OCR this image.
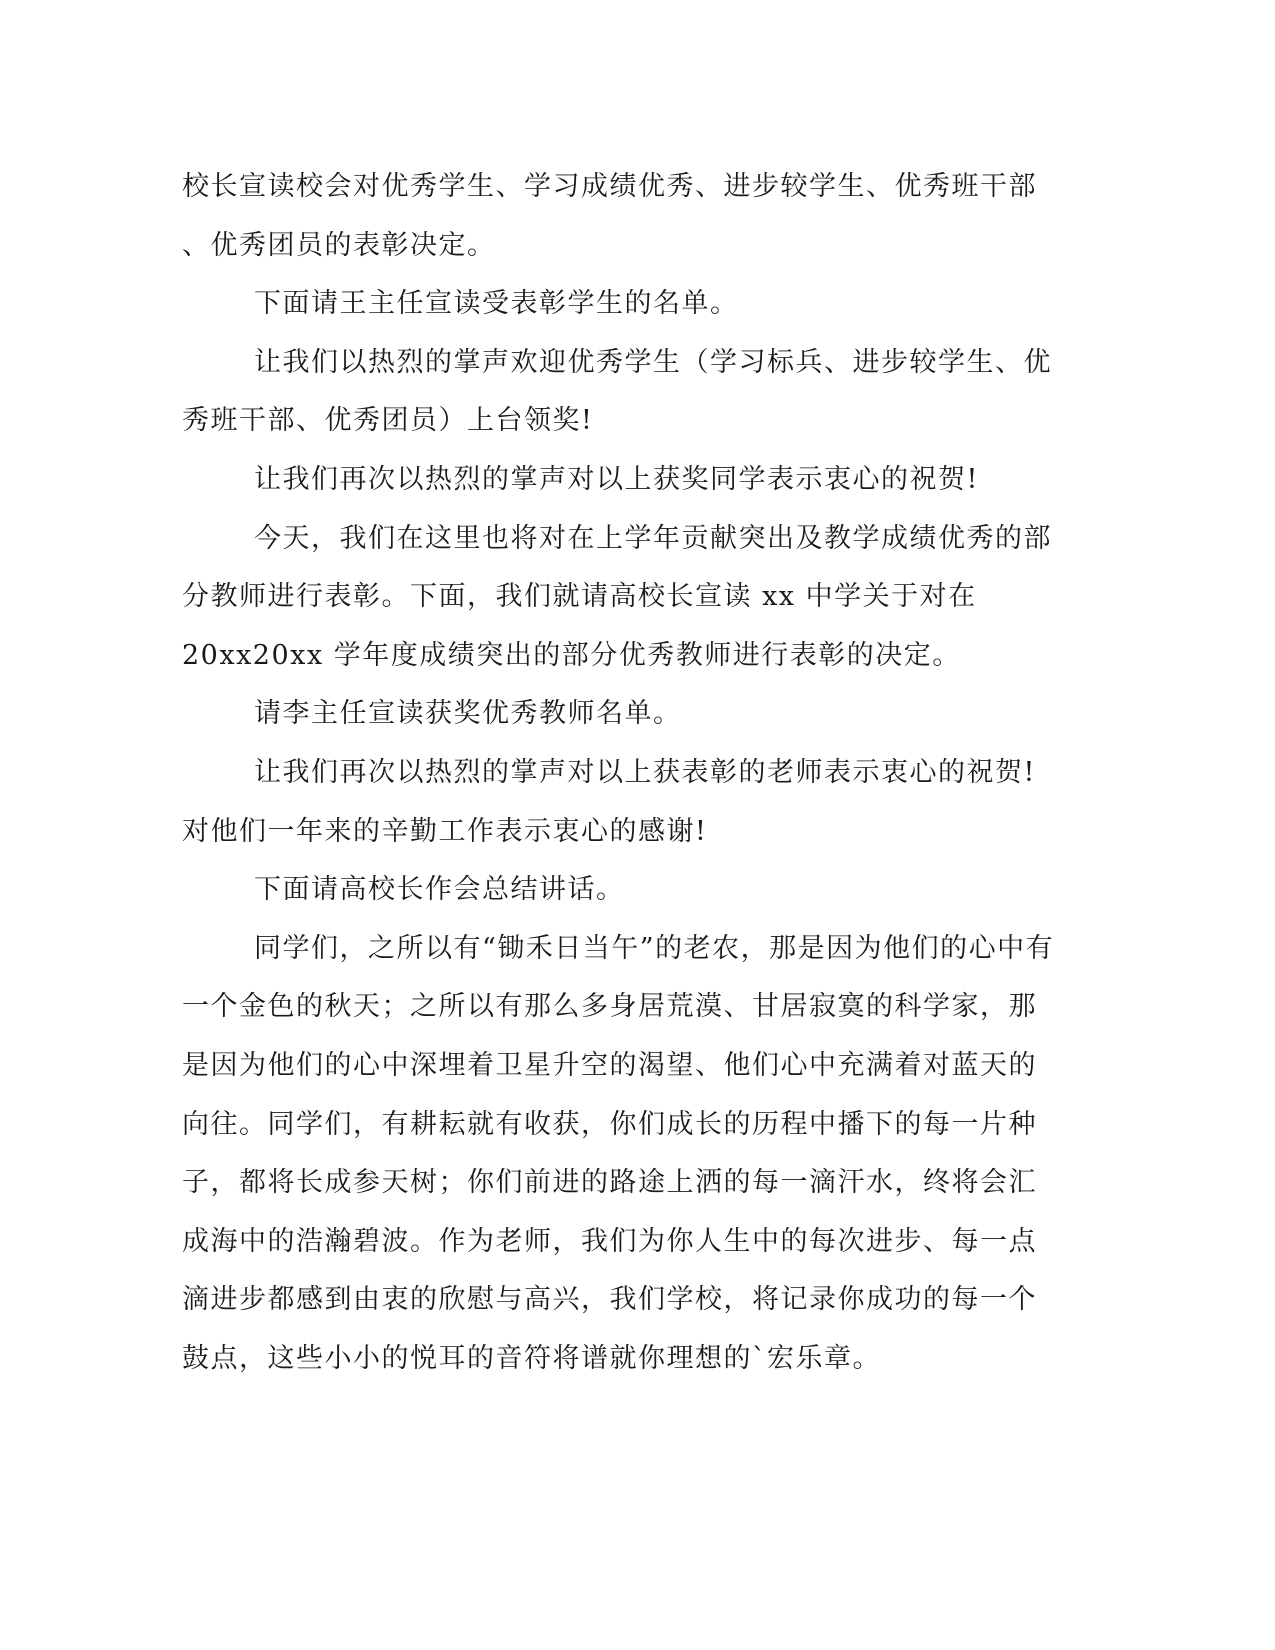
校长宣读校会对优秀学生、学习成绩优秀、进步较学生、优秀班干部
、优秀团员的表彰决定。
下面请王主任宣读受表彰学生的名单。
让我们以热烈的掌声欢迎优秀学生（学习标兵、进步较学生、优
秀班干部、优秀团员）上台领奖!
让我们再次以热烈的掌声对以上获奖同学表示衷心的祝贺!
今天，我们在这里也将对在上学年贡献突出及教学成绩优秀的部
分教师进行表彰。下面，我们就请高校长宣读 xx 中学关于对在
20xx20xx 学年度成绩突出的部分优秀教师进行表彰的决定。
请李主任宣读获奖优秀教师名单。
让我们再次以热烈的掌声对以上获表彰的老师表示衷心的祝贺!
对他们一年来的辛勤工作表示衷心的感谢!
下面请高校长作会总结讲话。
同学们，之所以有“锄禾日当午”的老农，那是因为他们的心中有
一个金色的秋天；之所以有那么多身居荒漠、甘居寂寞的科学家，那
是因为他们的心中深埋着卫星升空的渴望、他们心中充满着对蓝天的
向往。同学们，有耕耘就有收获，你们成长的历程中播下的每一片种
子，都将长成参天树；你们前进的路途上洒的每一滴汗水，终将会汇
成海中的浩瀚碧波。作为老师，我们为你人生中的每次进步、每一点
滴进步都感到由衷的欣慰与高兴，我们学校，将记录你成功的每一个
鼓点，这些小小的悦耳的音符将谱就你理想的`宏乐章。
